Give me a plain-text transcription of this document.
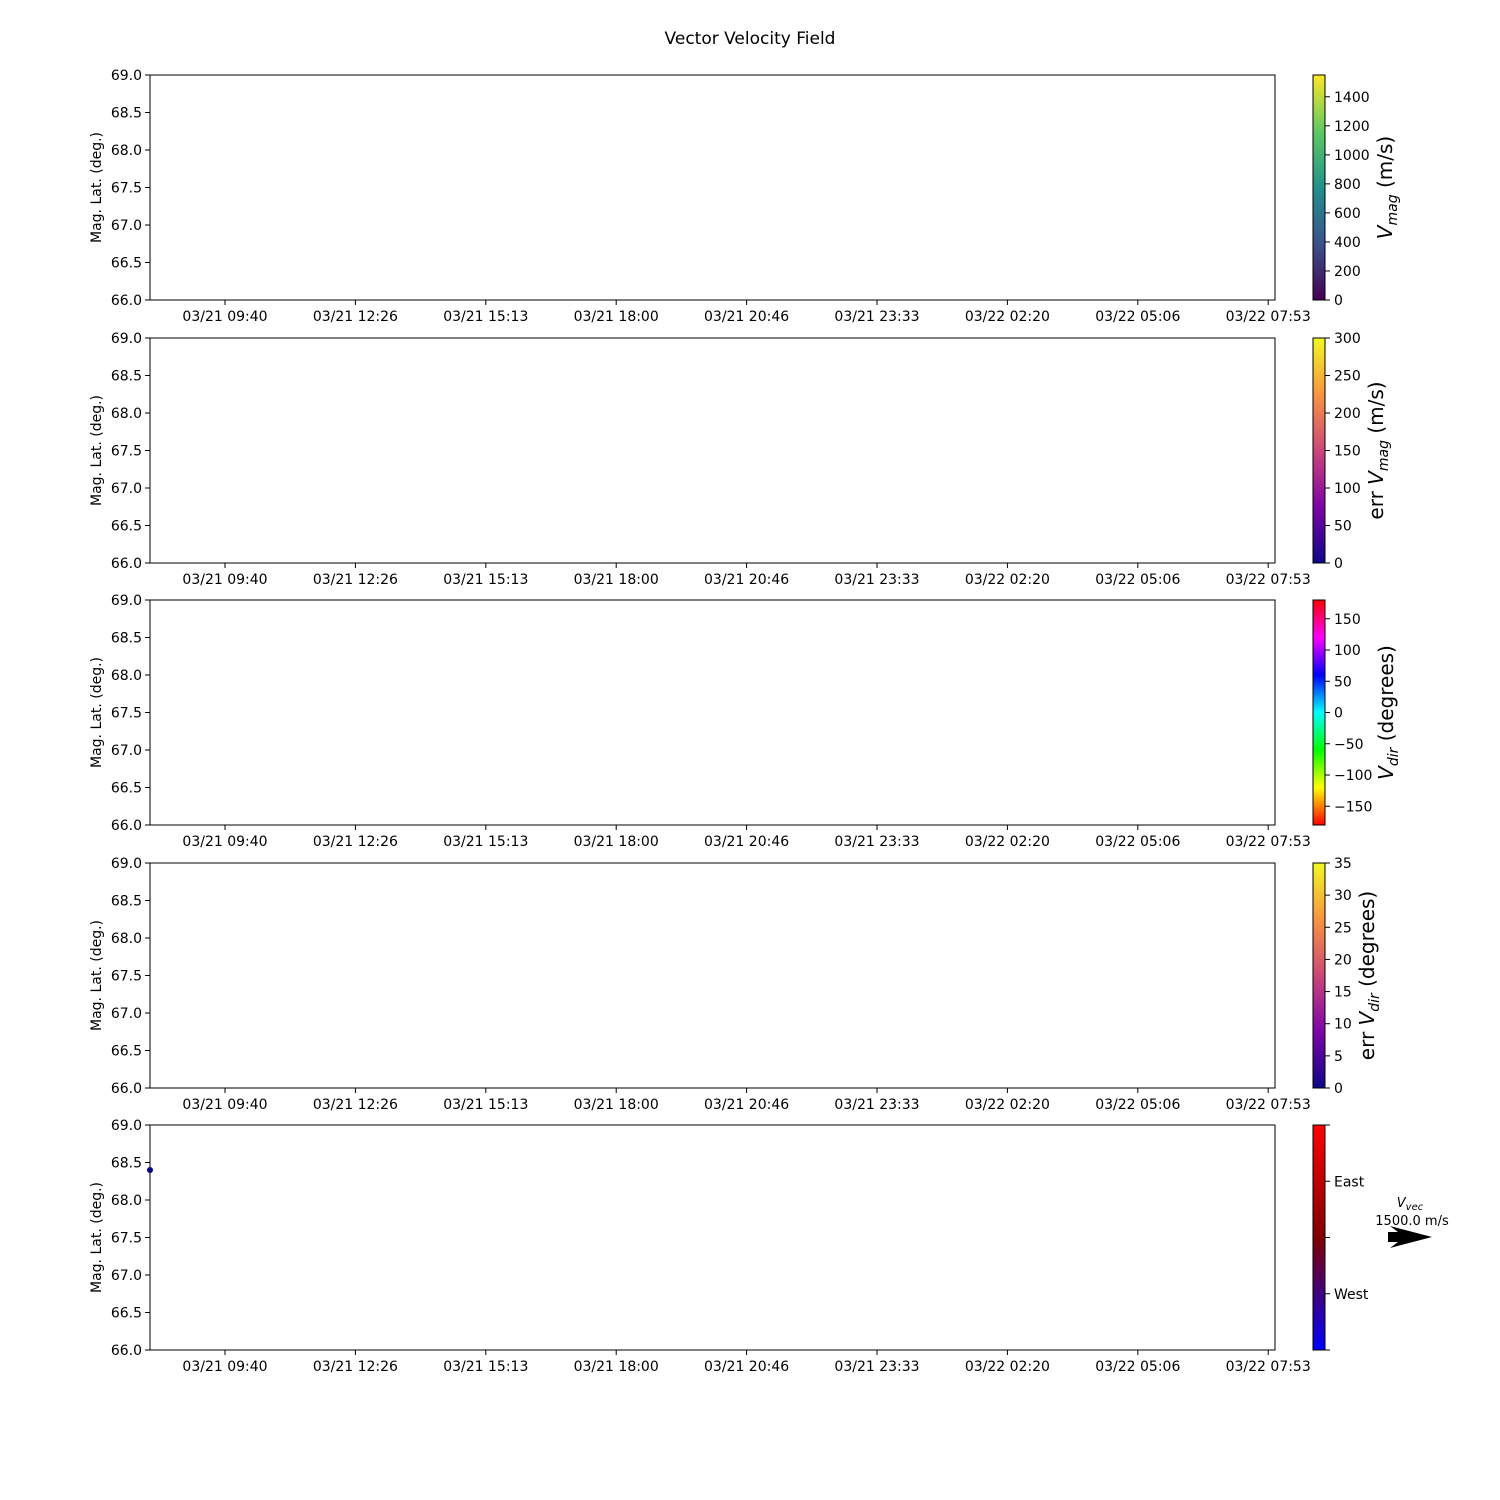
Vector Velocity Field
66.0
66.5
67.0
67.5
68.0
68.5
69.0
Mag. Lat. (deg.)
03/21 09:40	03/21 12:26	03/21 15:13	03/21 18:00	03/21 20:46	03/21 23:33	03/22 02:20	03/22 05:06	03/22 07:53
0
200
400
600
800
1000
1200
1400
$V_{mag}$ (m/s)
66.0
66.5
67.0
67.5
68.0
68.5
69.0
Mag. Lat. (deg.)
03/21 09:40	03/21 12:26	03/21 15:13	03/21 18:00	03/21 20:46	03/21 23:33	03/22 02:20	03/22 05:06	03/22 07:53
0
50
100
150
200
250
300
err $V_{mag}$ (m/s)
66.0
66.5
67.0
67.5
68.0
68.5
69.0
Mag. Lat. (deg.)
03/21 09:40	03/21 12:26	03/21 15:13	03/21 18:00	03/21 20:46	03/21 23:33	03/22 02:20	03/22 05:06	03/22 07:53
−150
−100
−50
0
50
100
150
$V_{dir}$ (degrees)
66.0
66.5
67.0
67.5
68.0
68.5
69.0
Mag. Lat. (deg.)
03/21 09:40	03/21 12:26	03/21 15:13	03/21 18:00	03/21 20:46	03/21 23:33	03/22 02:20	03/22 05:06	03/22 07:53
0
5
10
15
20
25
30
35
err $V_{dir}$ (degrees)
66.0
66.5
67.0
67.5
68.0
68.5
69.0
Mag. Lat. (deg.)
03/21 09:40	03/21 12:26	03/21 15:13	03/21 18:00	03/21 20:46	03/21 23:33	03/22 02:20	03/22 05:06	03/22 07:53
West
East
$V_{vec}$
1500.0 m/s
